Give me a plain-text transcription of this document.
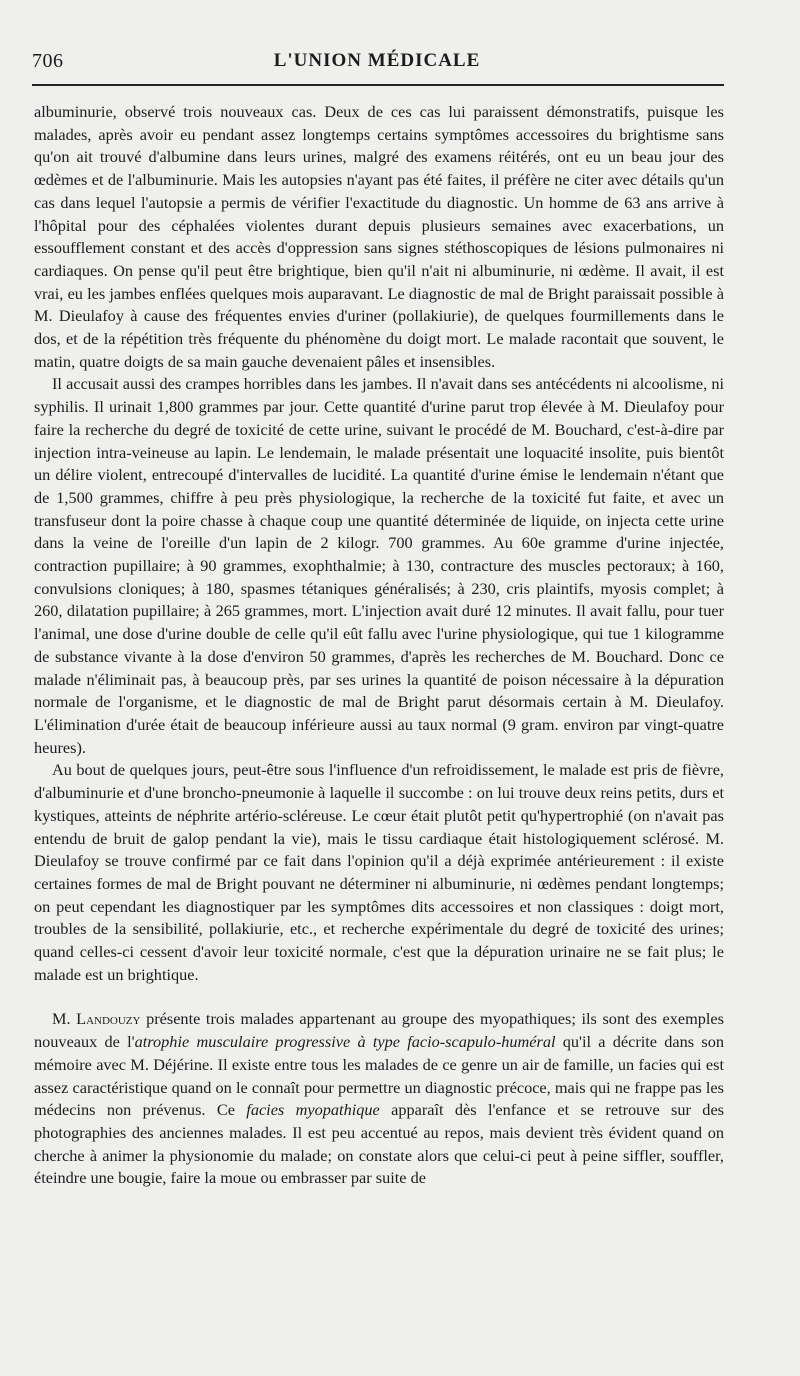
706	L'UNION MÉDICALE

albuminurie, observé trois nouveaux cas. Deux de ces cas lui paraissent démonstratifs, puisque les malades, après avoir eu pendant assez longtemps certains symptômes accessoires du brightisme sans qu'on ait trouvé d'albumine dans leurs urines, malgré des examens réitérés, ont eu un beau jour des œdèmes et de l'albuminurie. Mais les autopsies n'ayant pas été faites, il préfère ne citer avec détails qu'un cas dans lequel l'autopsie a permis de vérifier l'exactitude du diagnostic. Un homme de 63 ans arrive à l'hôpital pour des céphalées violentes durant depuis plusieurs semaines avec exacerbations, un essoufflement constant et des accès d'oppression sans signes stéthoscopiques de lésions pulmonaires ni cardiaques. On pense qu'il peut être brightique, bien qu'il n'ait ni albuminurie, ni œdème. Il avait, il est vrai, eu les jambes enflées quelques mois auparavant. Le diagnostic de mal de Bright paraissait possible à M. Dieulafoy à cause des fréquentes envies d'uriner (pollakiurie), de quelques fourmillements dans le dos, et de la répétition très fréquente du phénomène du doigt mort. Le malade racontait que souvent, le matin, quatre doigts de sa main gauche devenaient pâles et insensibles.

Il accusait aussi des crampes horribles dans les jambes. Il n'avait dans ses antécédents ni alcoolisme, ni syphilis. Il urinait 1,800 grammes par jour. Cette quantité d'urine parut trop élevée à M. Dieulafoy pour faire la recherche du degré de toxicité de cette urine, suivant le procédé de M. Bouchard, c'est-à-dire par injection intra-veineuse au lapin. Le lendemain, le malade présentait une loquacité insolite, puis bientôt un délire violent, entrecoupé d'intervalles de lucidité. La quantité d'urine émise le lendemain n'étant que de 1,500 grammes, chiffre à peu près physiologique, la recherche de la toxicité fut faite, et avec un transfuseur dont la poire chasse à chaque coup une quantité déterminée de liquide, on injecta cette urine dans la veine de l'oreille d'un lapin de 2 kilogr. 700 grammes. Au 60e gramme d'urine injectée, contraction pupillaire; à 90 grammes, exophthalmie; à 130, contracture des muscles pectoraux; à 160, convulsions cloniques; à 180, spasmes tétaniques généralisés; à 230, cris plaintifs, myosis complet; à 260, dilatation pupillaire; à 265 grammes, mort. L'injection avait duré 12 minutes. Il avait fallu, pour tuer l'animal, une dose d'urine double de celle qu'il eût fallu avec l'urine physiologique, qui tue 1 kilogramme de substance vivante à la dose d'environ 50 grammes, d'après les recherches de M. Bouchard. Donc ce malade n'éliminait pas, à beaucoup près, par ses urines la quantité de poison nécessaire à la dépuration normale de l'organisme, et le diagnostic de mal de Bright parut désormais certain à M. Dieulafoy. L'élimination d'urée était de beaucoup inférieure aussi au taux normal (9 gram. environ par vingt-quatre heures).

Au bout de quelques jours, peut-être sous l'influence d'un refroidissement, le malade est pris de fièvre, d'albuminurie et d'une broncho-pneumonie à laquelle il succombe : on lui trouve deux reins petits, durs et kystiques, atteints de néphrite artério-scléreuse. Le cœur était plutôt petit qu'hypertrophié (on n'avait pas entendu de bruit de galop pendant la vie), mais le tissu cardiaque était histologiquement sclérosé. M. Dieulafoy se trouve confirmé par ce fait dans l'opinion qu'il a déjà exprimée antérieurement : il existe certaines formes de mal de Bright pouvant ne déterminer ni albuminurie, ni œdèmes pendant longtemps; on peut cependant les diagnostiquer par les symptômes dits accessoires et non classiques : doigt mort, troubles de la sensibilité, pollakiurie, etc., et recherche expérimentale du degré de toxicité des urines; quand celles-ci cessent d'avoir leur toxicité normale, c'est que la dépuration urinaire ne se fait plus; le malade est un brightique.

M. Landouzy présente trois malades appartenant au groupe des myopathiques; ils sont des exemples nouveaux de l'atrophie musculaire progressive à type facio-scapulo-huméral qu'il a décrite dans son mémoire avec M. Déjérine. Il existe entre tous les malades de ce genre un air de famille, un facies qui est assez caractéristique quand on le connaît pour permettre un diagnostic précoce, mais qui ne frappe pas les médecins non prévenus. Ce facies myopathique apparaît dès l'enfance et se retrouve sur des photographies des anciennes malades. Il est peu accentué au repos, mais devient très évident quand on cherche à animer la physionomie du malade; on constate alors que celui-ci peut à peine siffler, souffler, éteindre une bougie, faire la moue ou embrasser par suite de
